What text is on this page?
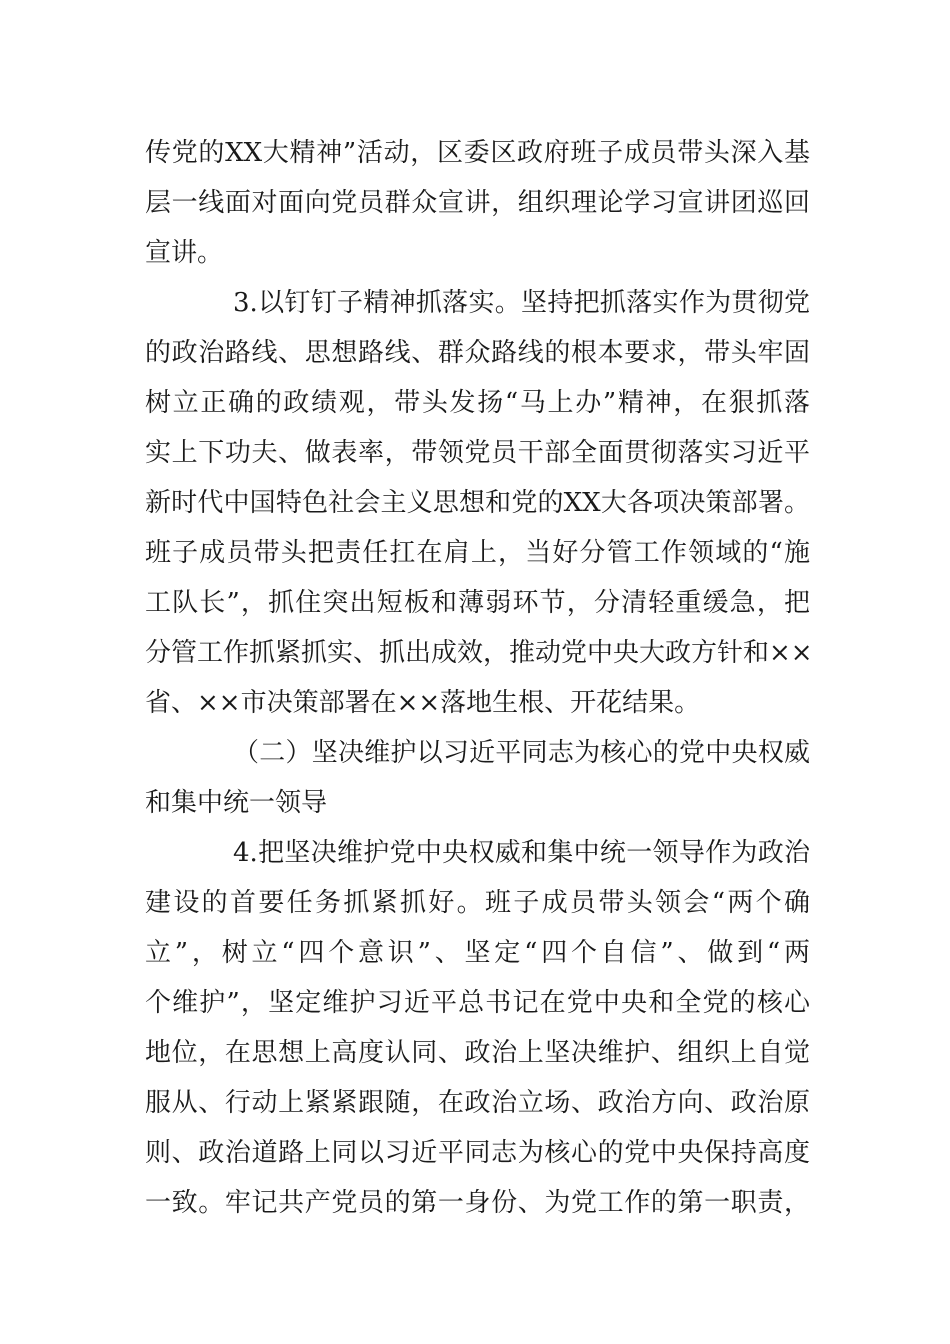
传党的XX大精神”活动，区委区政府班子成员带头深入基
层一线面对面向党员群众宣讲，组织理论学习宣讲团巡回
宣讲。
3.以钉钉子精神抓落实。坚持把抓落实作为贯彻党
的政治路线、思想路线、群众路线的根本要求，带头牢固
树立正确的政绩观，带头发扬“马上办”精神，在狠抓落
实上下功夫、做表率，带领党员干部全面贯彻落实习近平
新时代中国特色社会主义思想和党的XX大各项决策部署。
班子成员带头把责任扛在肩上，当好分管工作领域的“施
工队长”，抓住突出短板和薄弱环节，分清轻重缓急，把
分管工作抓紧抓实、抓出成效，推动党中央大政方针和××
省、××市决策部署在××落地生根、开花结果。
（二）坚决维护以习近平同志为核心的党中央权威
和集中统一领导
4.把坚决维护党中央权威和集中统一领导作为政治
建设的首要任务抓紧抓好。班子成员带头领会“两个确
立”，树立“四个意识”、坚定“四个自信”、做到“两
个维护”，坚定维护习近平总书记在党中央和全党的核心
地位，在思想上高度认同、政治上坚决维护、组织上自觉
服从、行动上紧紧跟随，在政治立场、政治方向、政治原
则、政治道路上同以习近平同志为核心的党中央保持高度
一致。牢记共产党员的第一身份、为党工作的第一职责，
